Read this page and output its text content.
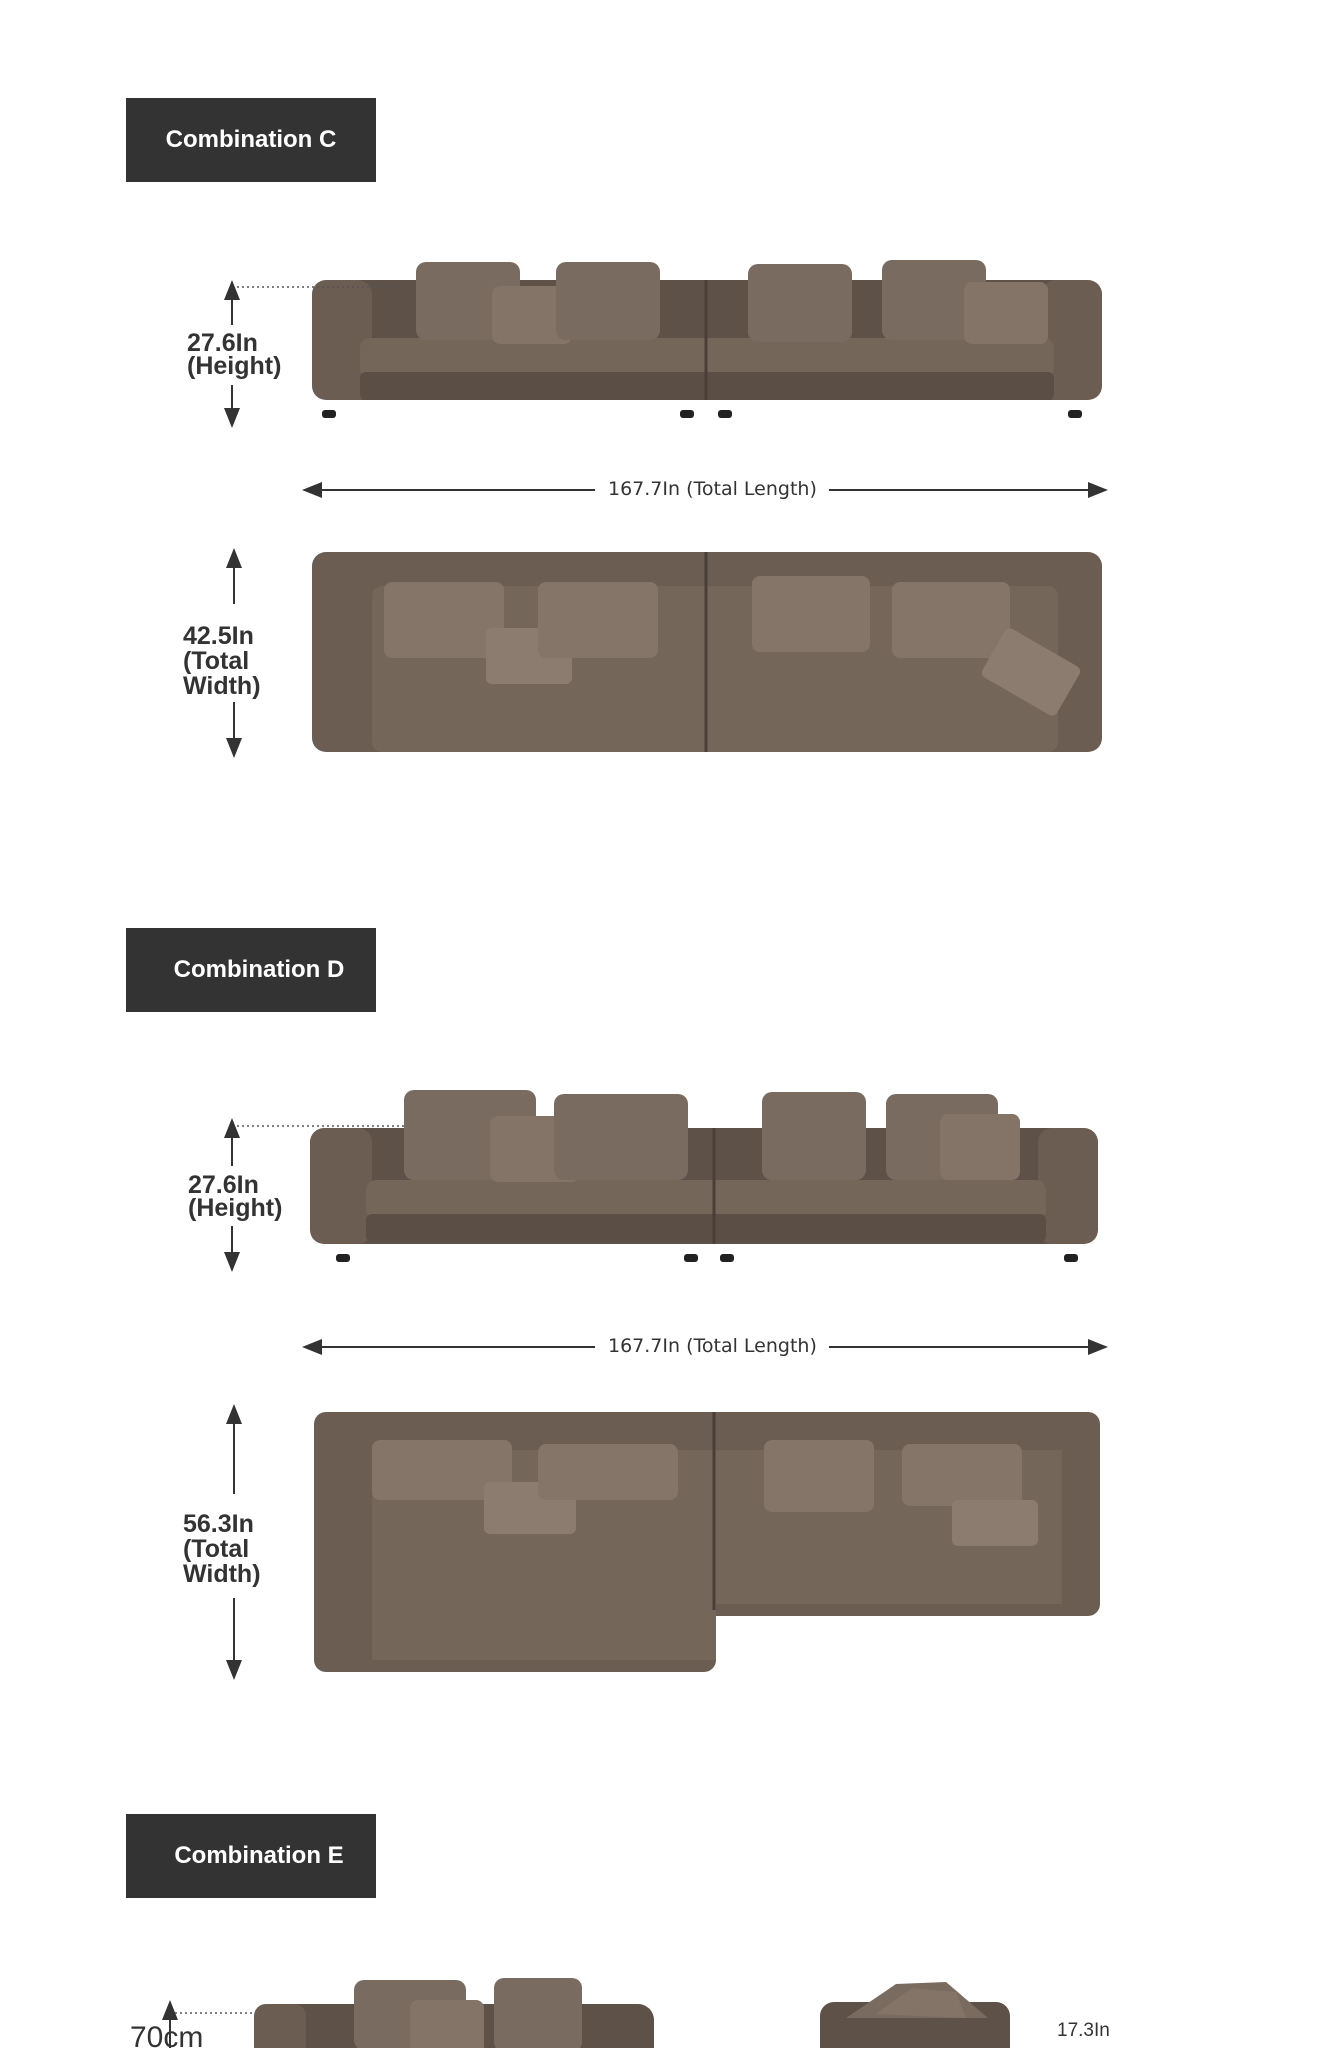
Combination C
27.6In
(Height)
167.7In (Total Length)
42.5In
(Total
Width)
Combination D
27.6In
(Height)
167.7In (Total Length)
56.3In
(Total
Width)
Combination E
70cm	17.3In
